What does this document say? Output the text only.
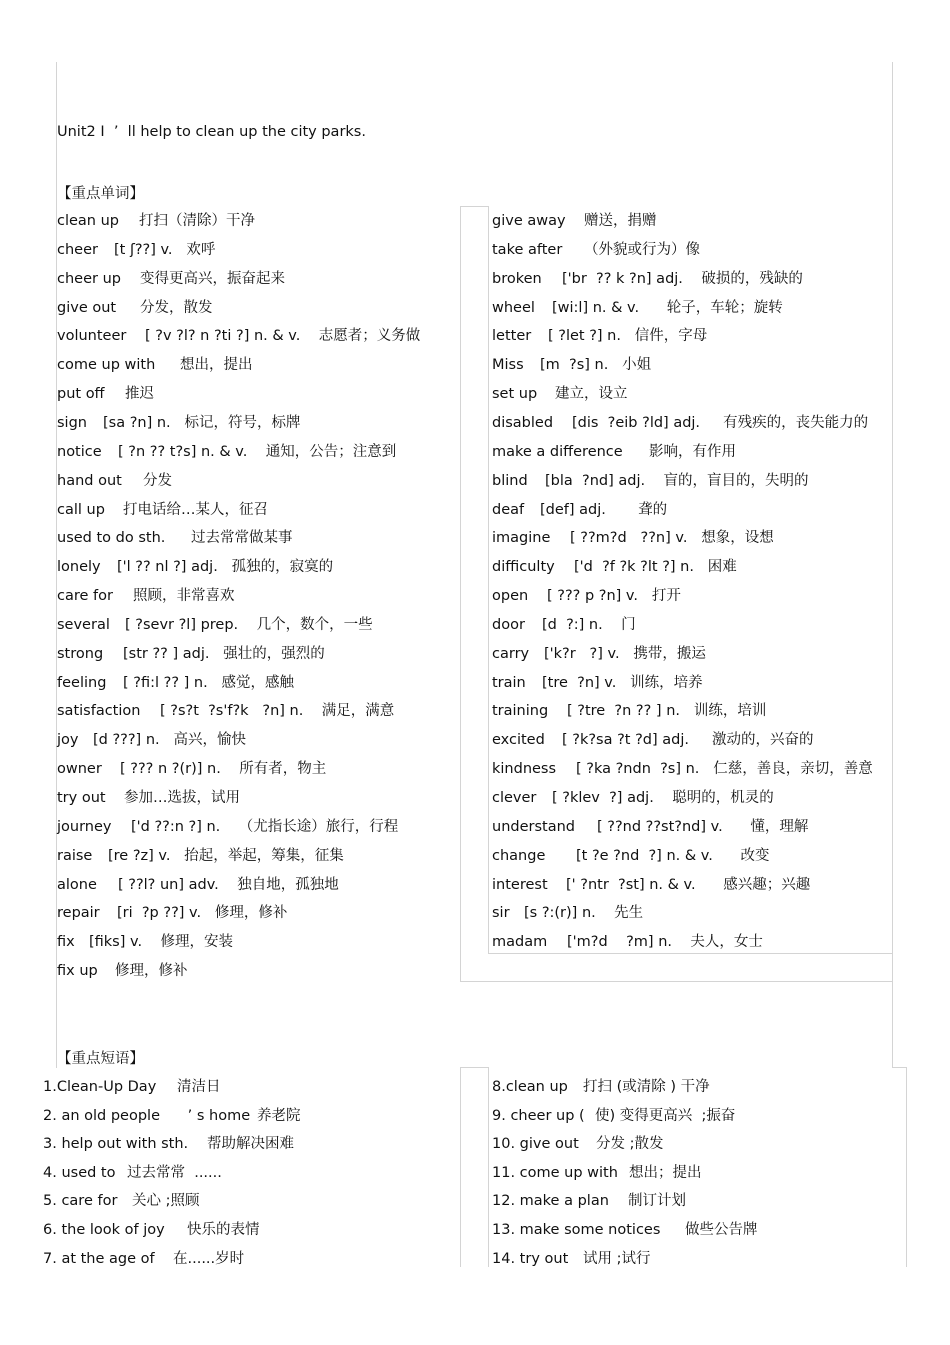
Unit2 I  ’  ll help to clean up the city parks.
【重点单词】
clean up 打扫（清除）干净
cheer [t ʃ??] v.   欢呼
cheer up 变得更高兴，振奋起来
give out 分发，散发
volunteer [ ?v ?l? n ?ti ?] n. & v.    志愿者；义务做
come up with 想出，提出
put off 推迟
sign [sa ?n] n.   标记，符号，标牌
notice [ ?n ?? t?s] n. & v.    通知，公告；注意到
hand out 分发
call up 打电话给…某人，征召
used to do sth. 过去常常做某事
lonely ['l ?? nl ?] adj.   孤独的，寂寞的
care for 照顾，非常喜欢
several [ ?sevr ?l] prep.    几个，数个，一些
strong [str ?? ] adj.   强壮的，强烈的
feeling [ ?fi:l ?? ] n.   感觉，感触
satisfaction [ ?s?t  ?s'f?k   ?n] n.    满足，满意
joy [d ???] n.   高兴，愉快
owner [ ??? n ?(r)] n.    所有者，物主
try out 参加…选拔，试用
journey ['d ??:n ?] n.    （尤指长途）旅行，行程
raise [re ?z] v.   抬起，举起，筹集，征集
alone [ ??l? un] adv.    独自地，孤独地
repair [ri  ?p ??] v.   修理，修补
fix [fiks] v.    修理，安装
fix up 修理，修补
give away 赠送，捐赠
take after （外貌或行为）像
broken ['br  ?? k ?n] adj.    破损的，残缺的
wheel [wi:l] n. & v.      轮子，车轮；旋转
letter [ ?let ?] n.   信件，字母
Miss [m  ?s] n.   小姐
set up 建立，设立
disabled [dis  ?eib ?ld] adj.     有残疾的，丧失能力的
make a difference 影响，有作用
blind [bla  ?nd] adj.    盲的，盲目的，失明的
deaf [def] adj.       聋的
imagine [ ??m?d   ??n] v.   想象，设想
difficulty ['d  ?f ?k ?lt ?] n.   困难
open [ ??? p ?n] v.   打开
door [d  ?:] n.    门
carry ['k?r   ?] v.   携带，搬运
train [tre  ?n] v.   训练，培养
training [ ?tre  ?n ?? ] n.   训练，培训
excited [ ?k?sa ?t ?d] adj.     激动的，兴奋的
kindness [ ?ka ?ndn  ?s] n.   仁慈，善良，亲切，善意
clever [ ?klev  ?] adj.    聪明的，机灵的
understand [ ??nd ??st?nd] v.      懂，理解
change [t ?e ?nd  ?] n. & v.      改变
interest [' ?ntr  ?st] n. & v.      感兴趣；兴趣
sir [s ?:(r)] n.    先生
madam ['m?d    ?m] n.    夫人，女士
【重点短语】
1.Clean-Up Day 清洁日
2. an old people      ’ s home 养老院
3. help out with sth. 帮助解决困难
4. used to 过去常常  ......
5. care for 关心 ;照顾
6. the look of joy 快乐的表情
7. at the age of 在......岁时
8.clean up 打扫 (或清除 ) 干净
9. cheer up ( 使) 变得更高兴  ;振奋
10. give out 分发 ;散发
11. come up with 想出；提出
12. make a plan 制订计划
13. make some notices 做些公告牌
14. try out 试用 ;试行
